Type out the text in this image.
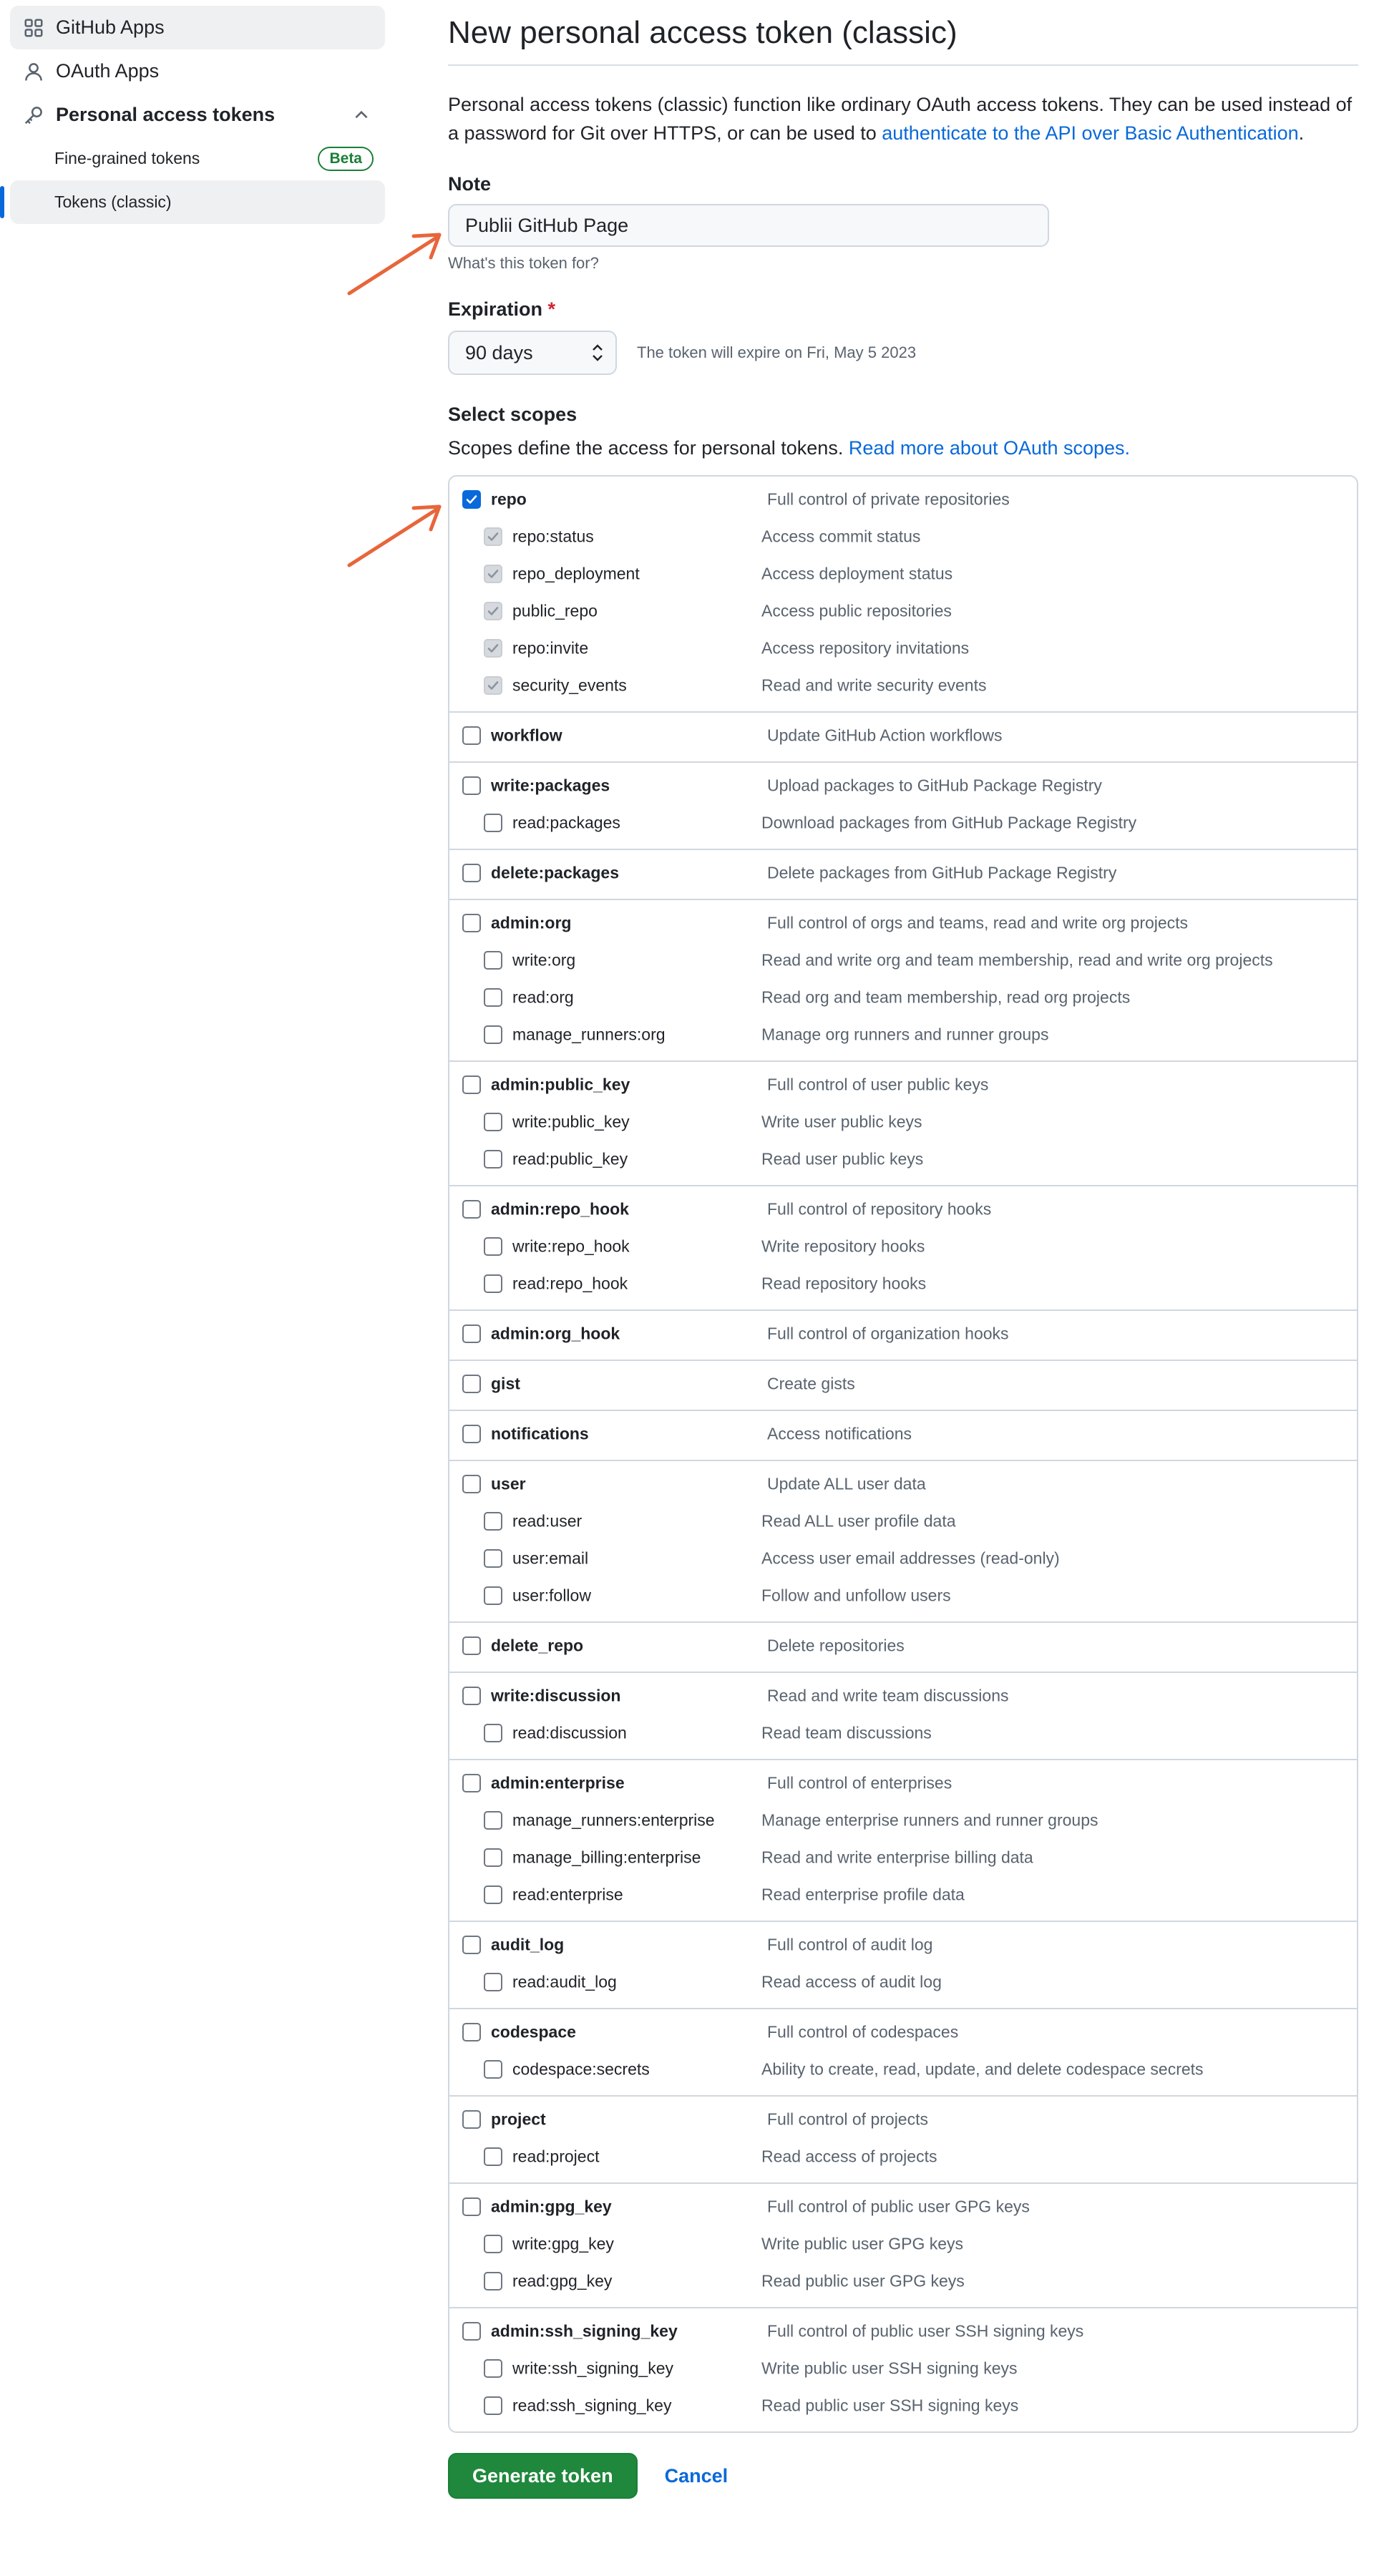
GitHub Apps
OAuth Apps
Personal access tokens
Fine-grained tokens	Beta
Tokens (classic)
New personal access token (classic)

Personal access tokens (classic) function like ordinary OAuth access tokens. They can be used instead of a password for Git over HTTPS, or can be used to authenticate to the API over Basic Authentication.

Note
Publii GitHub Page
What's this token for?
Expiration *
90 days	The token will expire on Fri, May 5 2023
Select scopes

Scopes define the access for personal tokens. Read more about OAuth scopes.

repo	Full control of private repositories
repo:status	Access commit status
repo_deployment	Access deployment status
public_repo	Access public repositories
repo:invite	Access repository invitations
security_events	Read and write security events
workflow	Update GitHub Action workflows
write:packages	Upload packages to GitHub Package Registry
read:packages	Download packages from GitHub Package Registry
delete:packages	Delete packages from GitHub Package Registry
admin:org	Full control of orgs and teams, read and write org projects
write:org	Read and write org and team membership, read and write org projects
read:org	Read org and team membership, read org projects
manage_runners:org	Manage org runners and runner groups
admin:public_key	Full control of user public keys
write:public_key	Write user public keys
read:public_key	Read user public keys
admin:repo_hook	Full control of repository hooks
write:repo_hook	Write repository hooks
read:repo_hook	Read repository hooks
admin:org_hook	Full control of organization hooks
gist	Create gists
notifications	Access notifications
user	Update ALL user data
read:user	Read ALL user profile data
user:email	Access user email addresses (read-only)
user:follow	Follow and unfollow users
delete_repo	Delete repositories
write:discussion	Read and write team discussions
read:discussion	Read team discussions
admin:enterprise	Full control of enterprises
manage_runners:enterprise	Manage enterprise runners and runner groups
manage_billing:enterprise	Read and write enterprise billing data
read:enterprise	Read enterprise profile data
audit_log	Full control of audit log
read:audit_log	Read access of audit log
codespace	Full control of codespaces
codespace:secrets	Ability to create, read, update, and delete codespace secrets
project	Full control of projects
read:project	Read access of projects
admin:gpg_key	Full control of public user GPG keys
write:gpg_key	Write public user GPG keys
read:gpg_key	Read public user GPG keys
admin:ssh_signing_key	Full control of public user SSH signing keys
write:ssh_signing_key	Write public user SSH signing keys
read:ssh_signing_key	Read public user SSH signing keys
Generate token	Cancel
